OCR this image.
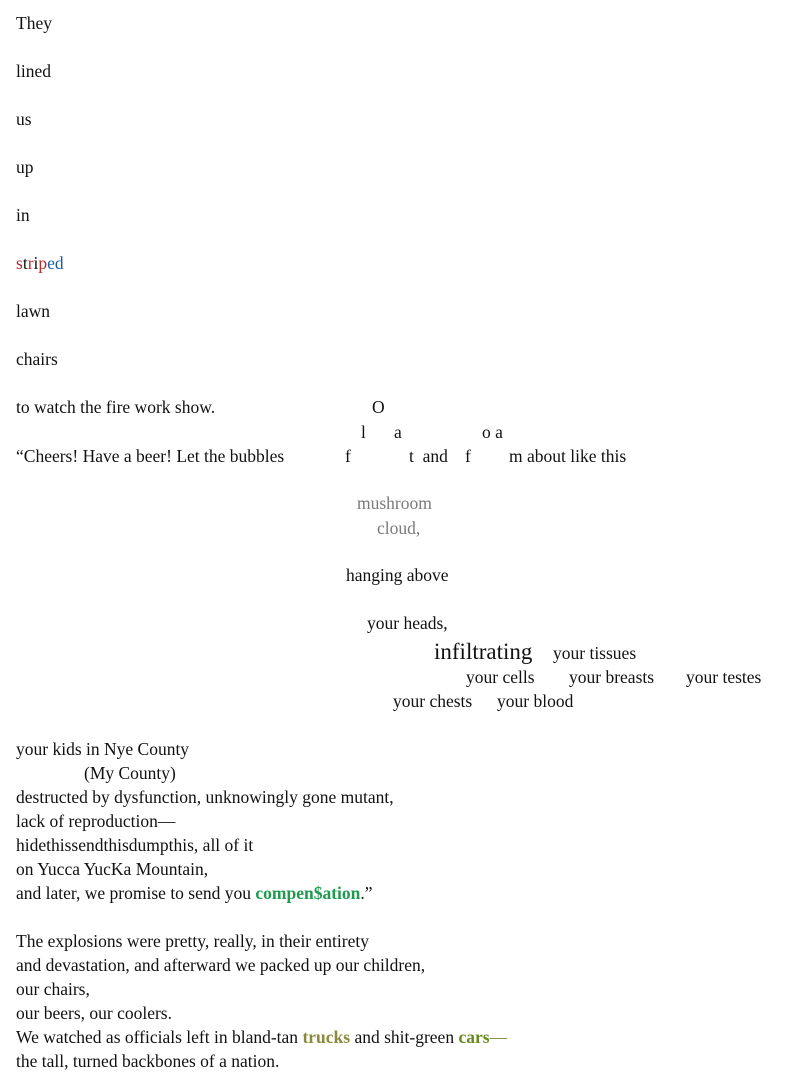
They
lined
us
up
in
striped
lawn
chairs
to watch the fire work show.	O
l a	o a
“Cheers! Have a beer! Let the bubbles	f	t  and f m about like this
mushroom
cloud,
hanging above
your heads,
infiltrating your tissues
your cells your breasts your testes
your chests your blood
your kids in Nye County
(My County)
destructed by dysfunction, unknowingly gone mutant,
lack of reproduction—
hidethissendthisdumpthis, all of it
on Yucca YucKa Mountain,
and later, we promise to send you compen$ation.”
The explosions were pretty, really, in their entirety
and devastation, and afterward we packed up our children,
our chairs,
our beers, our coolers.
We watched as officials left in bland-tan trucks and shit-green cars—
the tall, turned backbones of a nation.
